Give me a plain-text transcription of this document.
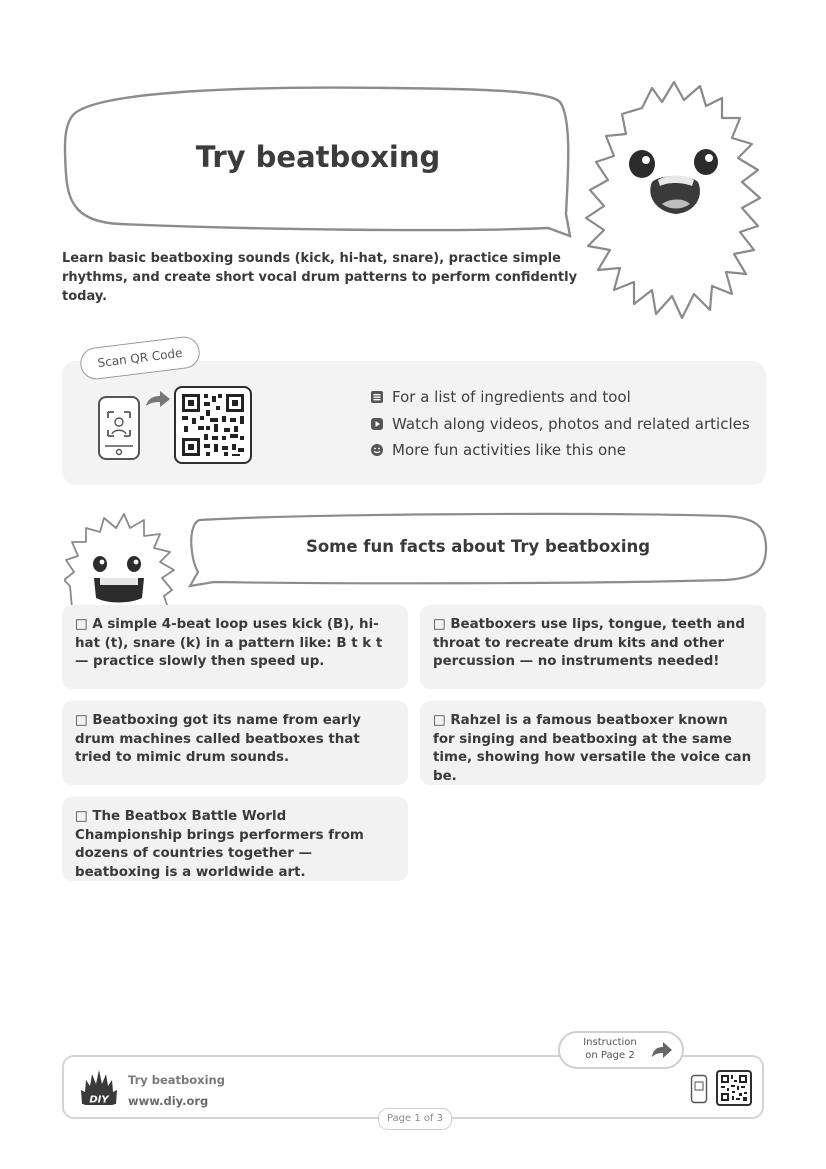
Try beatboxing
Learn basic beatboxing sounds (kick, hi-hat, snare), practice simple rhythms, and create short vocal drum patterns to perform confidently today.
Scan QR Code
For a list of ingredients and tool
Watch along videos, photos and related articles
More fun activities like this one
Some fun facts about Try beatboxing
□ A simple 4-beat loop uses kick (B), hi-hat (t), snare (k) in a pattern like: B t k t — practice slowly then speed up.
□ Beatboxers use lips, tongue, teeth and throat to recreate drum kits and other percussion — no instruments needed!
□ Beatboxing got its name from early drum machines called beatboxes that tried to mimic drum sounds.
□ Rahzel is a famous beatboxer known for singing and beatboxing at the same time, showing how versatile the voice can be.
□ The Beatbox Battle World Championship brings performers from dozens of countries together — beatboxing is a worldwide art.
DIY
Try beatboxing
www.diy.org
Page 1 of 3
Instruction
on Page 2
